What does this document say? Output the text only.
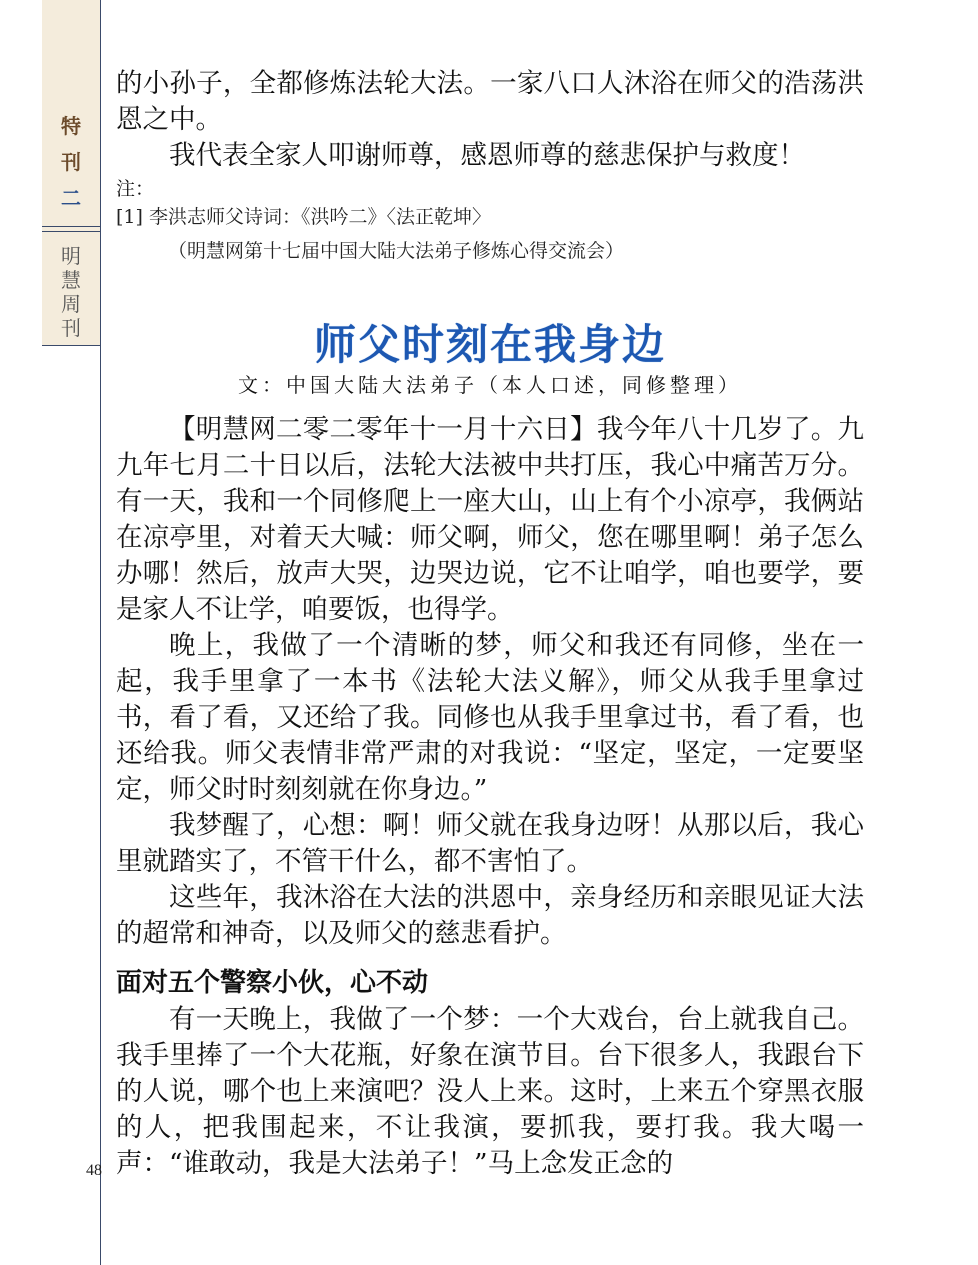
特
刊
二
明
慧
周
刊
48

的小孙子，全都修炼法轮大法。一家八口人沐浴在师父的浩荡洪恩之中。

我代表全家人叩谢师尊，感恩师尊的慈悲保护与救度！

注：

[1] 李洪志师父诗词：《洪吟二》〈法正乾坤〉

（明慧网第十七届中国大陆大法弟子修炼心得交流会）

师父时刻在我身边
文：中国大陆大法弟子（本人口述，同修整理）

【明慧网二零二零年十一月十六日】我今年八十几岁了。九九年七月二十日以后，法轮大法被中共打压，我心中痛苦万分。有一天，我和一个同修爬上一座大山，山上有个小凉亭，我俩站在凉亭里，对着天大喊：师父啊，师父，您在哪里啊！弟子怎么办哪！然后，放声大哭，边哭边说，它不让咱学，咱也要学，要是家人不让学，咱要饭，也得学。

晚上，我做了一个清晰的梦，师父和我还有同修，坐在一起，我手里拿了一本书《法轮大法义解》，师父从我手里拿过书，看了看，又还给了我。同修也从我手里拿过书，看了看，也还给我。师父表情非常严肃的对我说：“坚定，坚定，一定要坚定，师父时时刻刻就在你身边。”

我梦醒了，心想：啊！师父就在我身边呀！从那以后，我心里就踏实了，不管干什么，都不害怕了。

这些年，我沐浴在大法的洪恩中，亲身经历和亲眼见证大法的超常和神奇，以及师父的慈悲看护。

面对五个警察小伙，心不动

有一天晚上，我做了一个梦：一个大戏台，台上就我自己。我手里捧了一个大花瓶，好象在演节目。台下很多人，我跟台下的人说，哪个也上来演吧？没人上来。这时，上来五个穿黑衣服的人，把我围起来，不让我演，要抓我，要打我。我大喝一声：“谁敢动，我是大法弟子！”马上念发正念的
